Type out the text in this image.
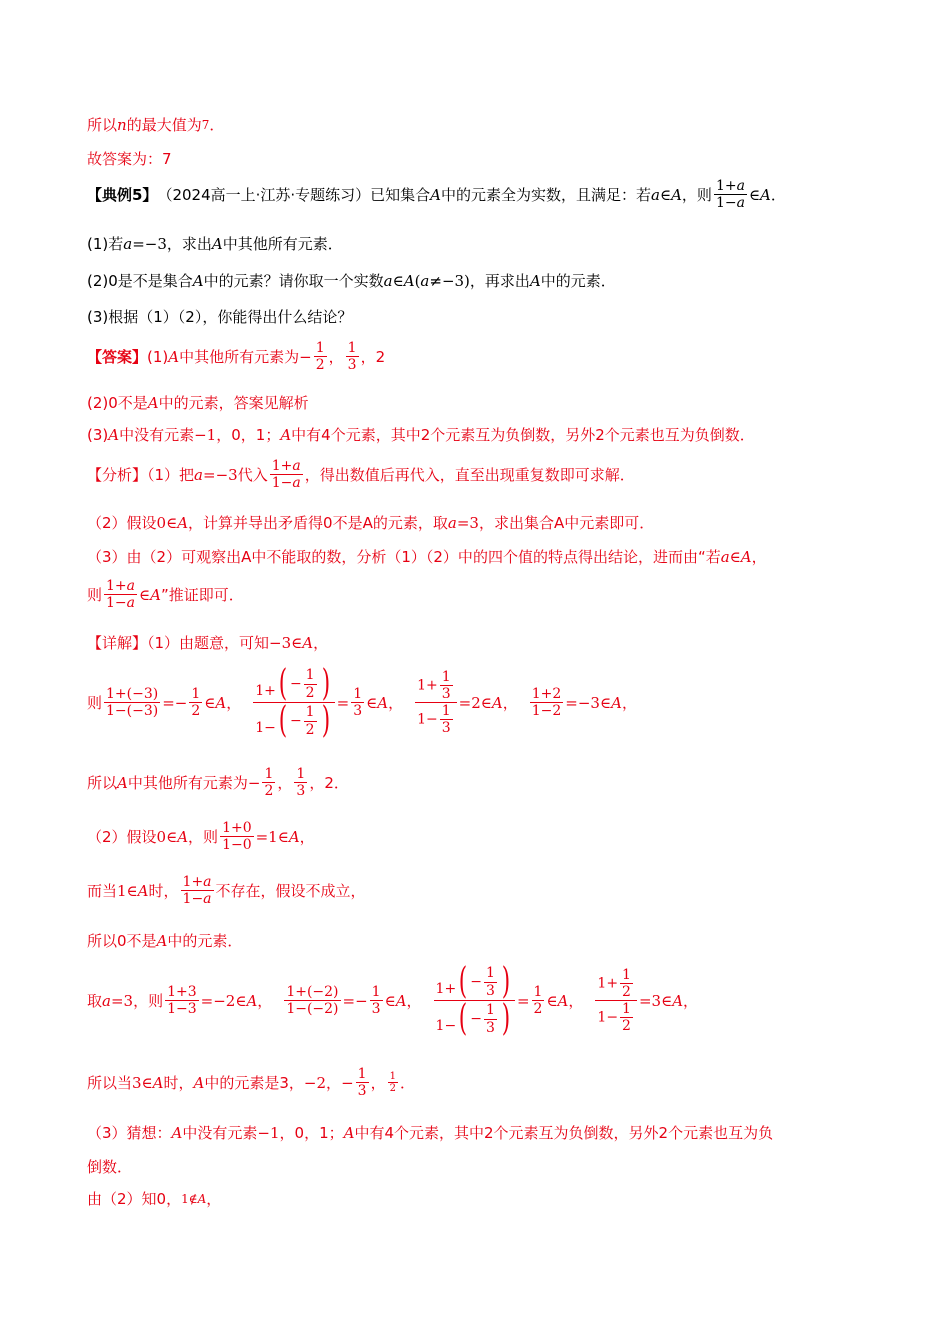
所以 n 的最大值为 7 ．
故答案为：7
【典例5】 （2024高一上·江苏·专题练习）已知集合 A 中的元素全为实数，且满足：若 a ∈ A ，则 $\frac{1+a}{1-a}$ ∈ A ．
(1)若 a =−3 ，求出 A 中其他所有元素．
(2)0是不是集合 A 中的元素？请你取一个实数 a ∈ A ( a ≠−3) ，再求出 A 中的元素．
(3)根据（1）（2），你能得出什么结论？
【答案】 (1) A 中其他所有元素为 − $\frac{1}{2}$ ， $\frac{1}{3}$ ，2
(2)0不是 A 中的元素，答案见解析
(3) A 中没有元素 −1 ，0，1； A 中有4个元素，其中2个元素互为负倒数，另外2个元素也互为负倒数．
【分析】（1）把 a =−3 代入 $\frac{1+a}{1-a}$ ，得出数值后再代入，直至出现重复数即可求解．
（2）假设 0∈ A ，计算并导出矛盾得0不是A的元素，取 a =3 ，求出集合A中元素即可．
（3）由（2）可观察出A中不能取的数，分析（1）（2）中的四个值的特点得出结论，进而由“若 a ∈ A ，
则 $\frac{1+a}{1-a}$ ∈ A ”推证即可．
【详解】（1）由题意，可知 −3∈ A ，
则 $\frac{1+(-3)}{1-(-3)} =- \frac{1}{2}$ ∈ A ， $\frac{1+ ( - \frac{1}{2} )}{1- ( - \frac{1}{2} )} = \frac{1}{3}$ ∈ A ， $\frac{1+ \frac{1}{3}}{1- \frac{1}{3}}$ =2∈ A ， $\frac{1+2}{1-2}$ =−3∈ A ，
所以 A 中其他所有元素为 − $\frac{1}{2}$ ， $\frac{1}{3}$ ，2．
（2）假设 0∈ A ，则 $\frac{1+0}{1-0}$ =1∈ A ，
而当 1∈ A 时， $\frac{1+a}{1-a}$ 不存在，假设不成立，
所以0不是 A 中的元素．
取 a =3 ，则 $\frac{1+3}{1-3}$ =−2∈ A ， $\frac{1+(-2)}{1-(-2)} =- \frac{1}{3}$ ∈ A ， $\frac{1+ ( - \frac{1}{3} )}{1- ( - \frac{1}{3} )} = \frac{1}{2}$ ∈ A ， $\frac{1+ \frac{1}{2}}{1- \frac{1}{2}}$ =3∈ A ，
所以当 3∈ A 时， A 中的元素是3， −2 ， − $\frac{1}{3}$ ， $\frac{1}{2}$ ．
（3）猜想： A 中没有元素 −1 ，0，1； A 中有4个元素，其中2个元素互为负倒数，另外2个元素也互为负
倒数．
由（2）知0， 1∉ A ，
